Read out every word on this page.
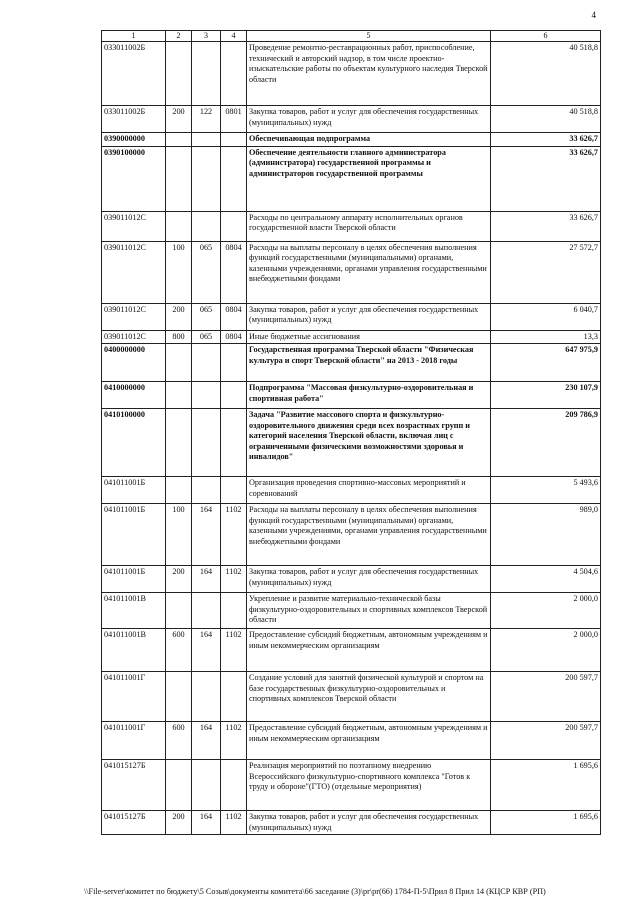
4
1	2	3	4	5	6
033011002Б				Проведение ремонтно-реставрационных работ, приспособление, технический и авторский надзор, в том числе проектно-изыскательские работы по объектам культурного наследия Тверской области	40 518,8
033011002Б	200	122	0801	Закупка товаров, работ и услуг для обеспечения государственных (муниципальных) нужд	40 518,8
0390000000				Обеспечивающая подпрограмма	33 626,7
0390100000				Обеспечение деятельности главного администратора (администратора) государственной программы и администраторов государственной программы	33 626,7
039011012С				Расходы по центральному аппарату исполнительных органов государственной власти Тверской области	33 626,7
039011012С	100	065	0804	Расходы на выплаты персоналу в целях обеспечения выполнения функций государственными (муниципальными) органами, казенными учреждениями, органами управления государственными внебюджетными фондами	27 572,7
039011012С	200	065	0804	Закупка товаров, работ и услуг для обеспечения государственных (муниципальных) нужд	6 040,7
039011012С	800	065	0804	Иные бюджетные ассигнования	13,3
0400000000				Государственная программа Тверской области "Физическая культура и спорт Тверской области" на 2013 - 2018 годы	647 975,9
0410000000				Подпрограмма "Массовая физкультурно-оздоровительная и спортивная работа"	230 107,9
0410100000				Задача "Развитие массового спорта и физкультурно-оздоровительного движения среди всех возрастных групп и категорий населения Тверской области, включая лиц с ограниченными физическими возможностями здоровья и инвалидов"	209 786,9
041011001Б				Организация проведения спортивно-массовых мероприятий и соревнований	5 493,6
041011001Б	100	164	1102	Расходы на выплаты персоналу в целях обеспечения выполнения функций государственными (муниципальными) органами, казенными учреждениями, органами управления государственными внебюджетными фондами	989,0
041011001Б	200	164	1102	Закупка товаров, работ и услуг для обеспечения государственных (муниципальных) нужд	4 504,6
041011001В				Укрепление и развитие материально-технической базы физкультурно-оздоровительных и спортивных комплексов Тверской области	2 000,0
041011001В	600	164	1102	Предоставление субсидий бюджетным, автономным учреждениям и иным некоммерческим организациям	2 000,0
041011001Г				Создание условий для занятий физической культурой и спортом на базе государственных физкультурно-оздоровительных и спортивных комплексов Тверской области	200 597,7
041011001Г	600	164	1102	Предоставление субсидий бюджетным, автономным учреждениям и иным некоммерческим организациям	200 597,7
041015127Б				Реализация мероприятий по поэтапному внедрению Всероссийского физкультурно-спортивного комплекса "Готов к труду и обороне"(ГТО) (отдельные мероприятия)	1 695,6
041015127Б	200	164	1102	Закупка товаров, работ и услуг для обеспечения государственных (муниципальных) нужд	1 695,6
\\File-server\комитет по бюджету\5 Созыв\документы комитета\66 заседание (3)\pr\pr(66) 1784-П-5\Прил 8 Прил 14 (КЦСР КВР (РП)
